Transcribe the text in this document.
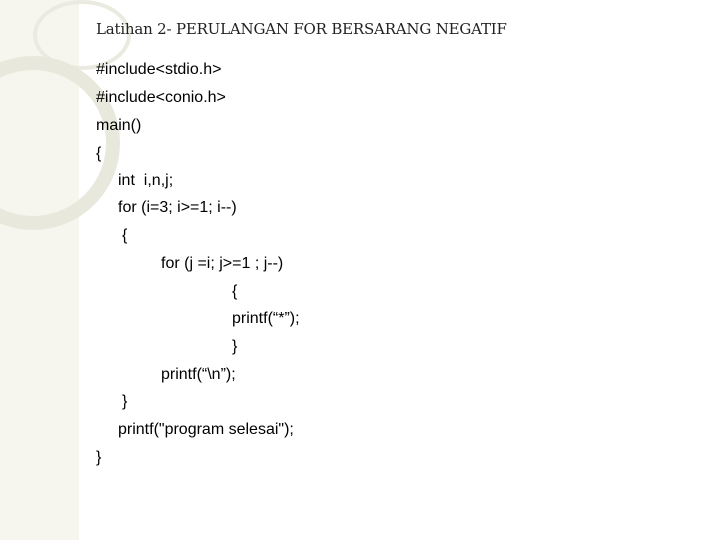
Latihan 2- PERULANGAN FOR BERSARANG NEGATIF
#include<stdio.h>
#include<conio.h>
main()
{
int  i,n,j;
for (i=3; i>=1; i--)
{
for (j =i; j>=1 ; j--)
{
printf(“*”);
}
printf(“\n”);
}
printf("program selesai");
}
